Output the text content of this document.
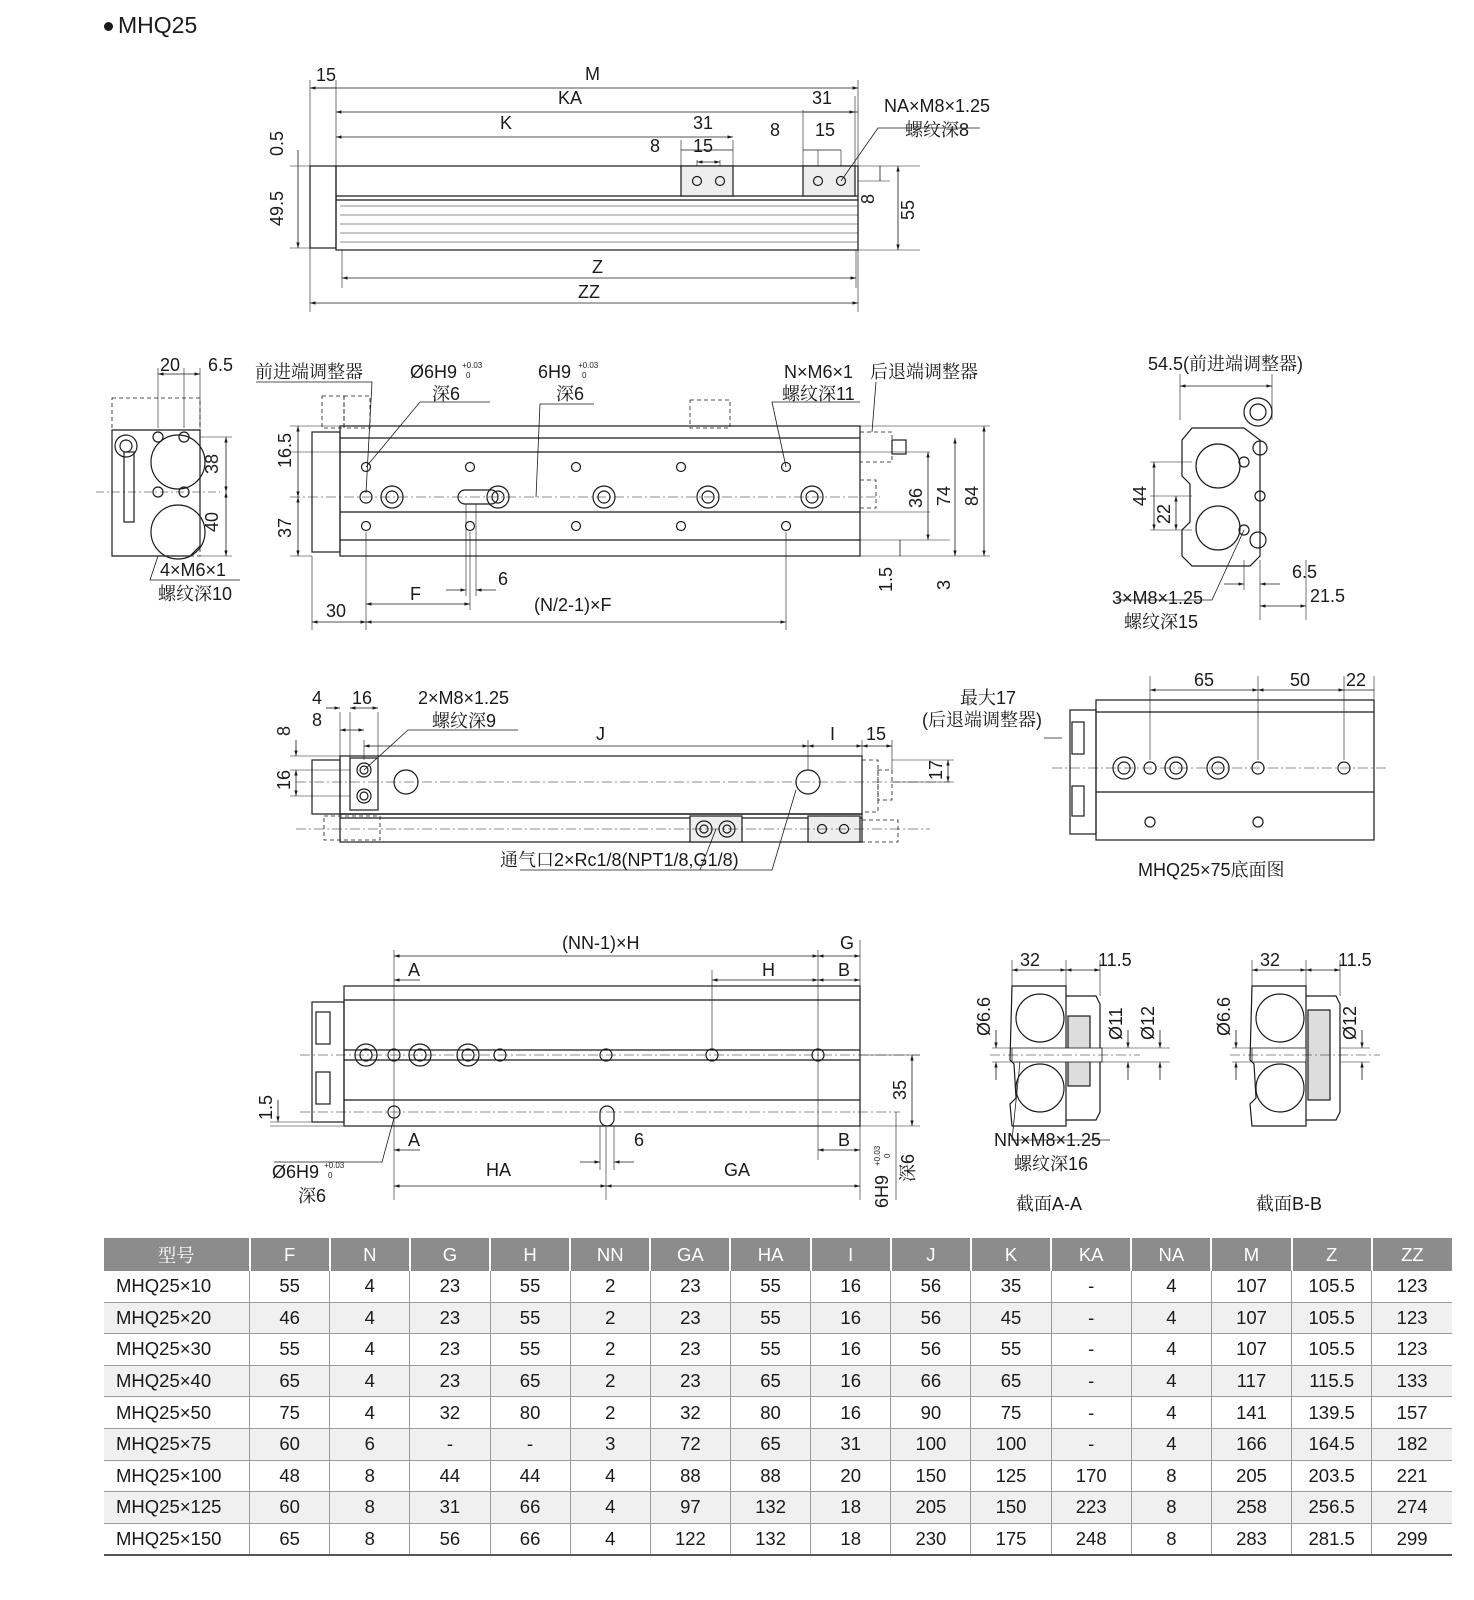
MHQ25
15	M
KA	31
K	31	8 15
8 15
0.5
49.5	8
55
Z
ZZ
NA×M8×1.25
螺纹深8
20 6.5
38
40
4×M6×1
螺纹深10
前进端调整器	Ø6H9 +0.03
0
深6
6H9 +0.03
0
深6
N×M6×1
螺纹深11
后退端调整器
16.5
37
36 74 84
1.5 3
30
F
6
(N/2-1)×F
54.5(前进端调整器)
44
22
6.5
21.5
3×M8×1.25
螺纹深15
4 16
8
8
16
J	I 15
17
2×M8×1.25
螺纹深9
最大17
(后退端调整器)
通气口2×Rc1/8(NPT1/8,G1/8)
65	50 22
MHQ25×75底面图
(NN-1)×H	G
A	H	B
1.5
35
A	6	B
HA	GA
Ø6H9 +0.03
0
深6	6H9
深6
+0.03 0
32	11.5
Ø6.6	Ø11 Ø12
NN×M8×1.25
螺纹深16
截面A-A
32	11.5
Ø6.6	Ø12
截面B-B
型号	F	N	G	H	NN	GA	HA	I	J	K	KA	NA	M	Z	ZZ
MHQ25×10	55	4	23	55	2	23	55	16	56	35	-	4	107	105.5	123
MHQ25×20	46	4	23	55	2	23	55	16	56	45	-	4	107	105.5	123
MHQ25×30	55	4	23	55	2	23	55	16	56	55	-	4	107	105.5	123
MHQ25×40	65	4	23	65	2	23	65	16	66	65	-	4	117	115.5	133
MHQ25×50	75	4	32	80	2	32	80	16	90	75	-	4	141	139.5	157
MHQ25×75	60	6	-	-	3	72	65	31	100	100	-	4	166	164.5	182
MHQ25×100	48	8	44	44	4	88	88	20	150	125	170	8	205	203.5	221
MHQ25×125	60	8	31	66	4	97	132	18	205	150	223	8	258	256.5	274
MHQ25×150	65	8	56	66	4	122	132	18	230	175	248	8	283	281.5	299
